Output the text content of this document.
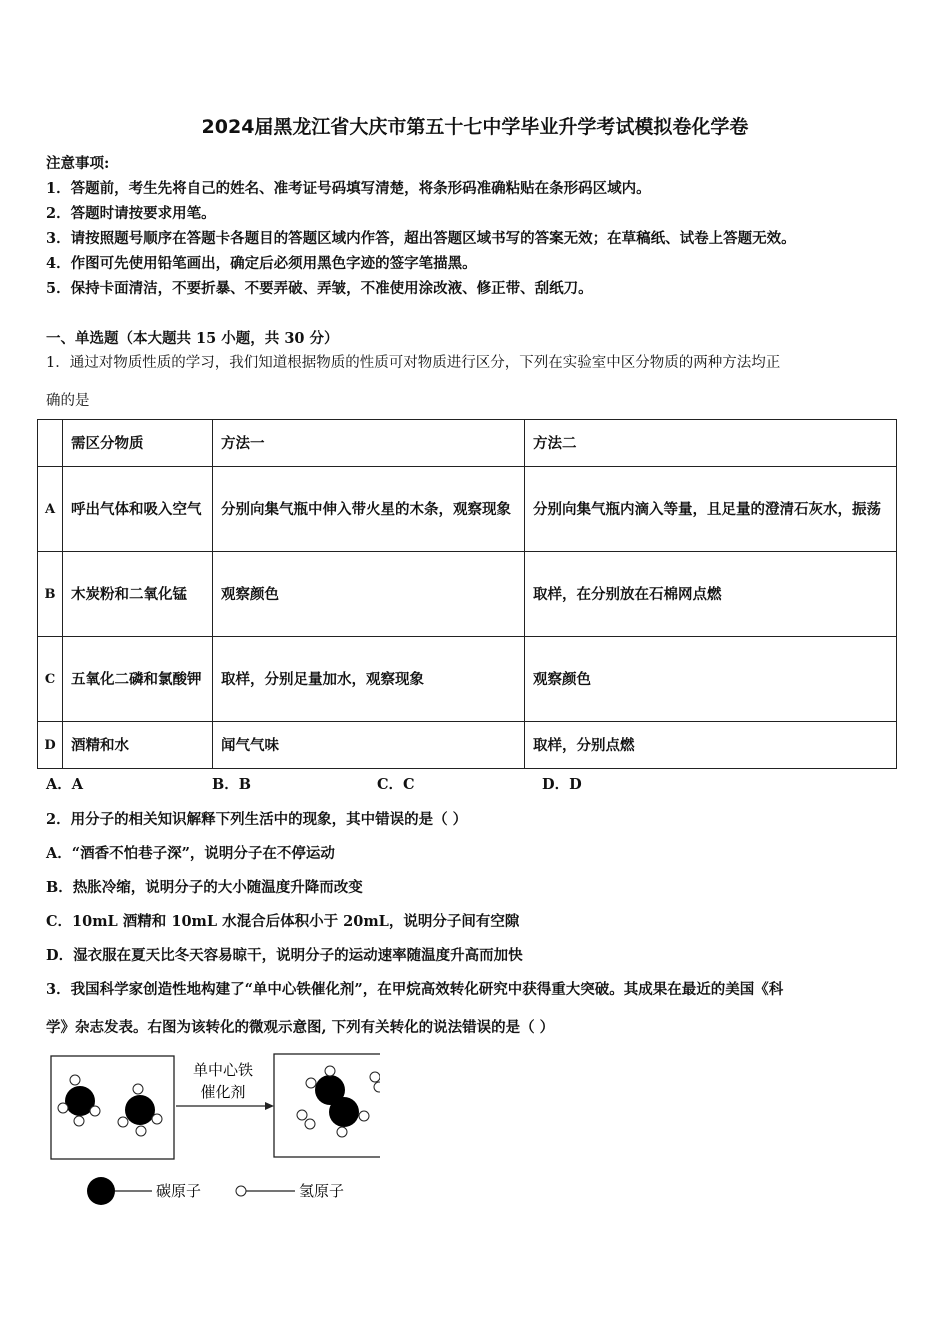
2024届黑龙江省大庆市第五十七中学毕业升学考试模拟卷化学卷
注意事项:
1．答题前，考生先将自己的姓名、准考证号码填写清楚，将条形码准确粘贴在条形码区域内。
2．答题时请按要求用笔。
3．请按照题号顺序在答题卡各题目的答题区域内作答，超出答题区域书写的答案无效；在草稿纸、试卷上答题无效。
4．作图可先使用铅笔画出，确定后必须用黑色字迹的签字笔描黑。
5．保持卡面清洁，不要折暴、不要弄破、弄皱，不准使用涂改液、修正带、刮纸刀。
一、单选题（本大题共 15 小题，共 30 分）
1．通过对物质性质的学习，我们知道根据物质的性质可对物质进行区分，下列在实验室中区分物质的两种方法均正
确的是
	需区分物质	方法一	方法二
A	呼出气体和吸入空气	分别向集气瓶中伸入带火星的木条，观察现象	分别向集气瓶内滴入等量，且足量的澄清石灰水，振荡
B	木炭粉和二氧化锰	观察颜色	取样，在分别放在石棉网点燃
C	五氧化二磷和氯酸钾	取样，分别足量加水，观察现象	观察颜色
D	酒精和水	闻气气味	取样，分别点燃
A．A	B．B	C．C	D．D
2．用分子的相关知识解释下列生活中的现象，其中错误的是（ ）
A．“酒香不怕巷子深”，说明分子在不停运动
B．热胀冷缩，说明分子的大小随温度升降而改变
C．10mL 酒精和 10mL 水混合后体积小于 20mL，说明分子间有空隙
D．湿衣服在夏天比冬天容易晾干，说明分子的运动速率随温度升高而加快
3．我国科学家创造性地构建了“单中心铁催化剂”，在甲烷高效转化研究中获得重大突破。其成果在最近的美国《科
学》杂志发表。右图为该转化的微观示意图, 下列有关转化的说法错误的是（ ）
单中心铁
催化剂
碳原子	氢原子
